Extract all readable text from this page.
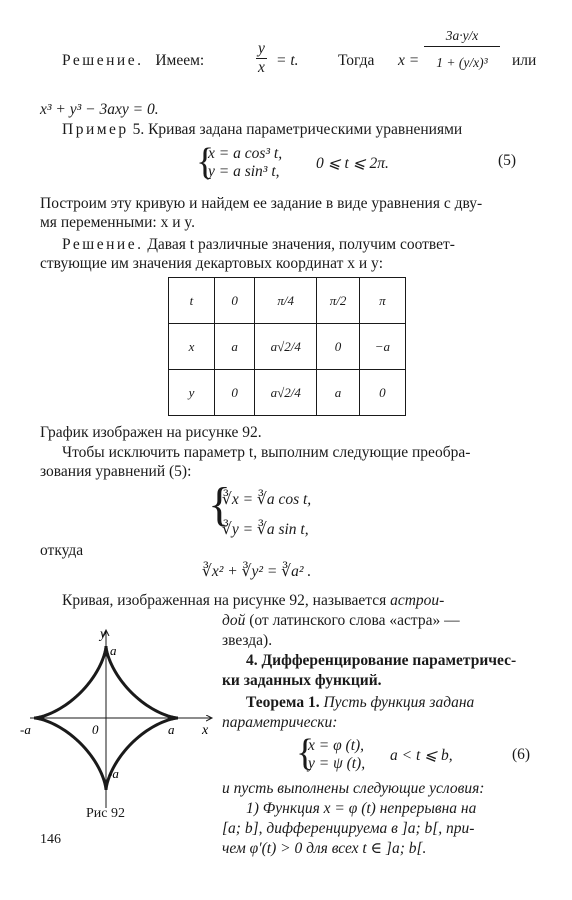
Решение. Имеем:	$\frac{y}{x} = t$.	Тогда $x = \frac{3a\cdot y/x}{\text{1 + (y/x)³}}$ или
x³ + y³ − 3axy = 0.
Пример 5. Кривая задана параметрическими уравнениями
{
x = a cos³ t,
y = a sin³ t, 0 ⩽ t ⩽ 2π.	(5)
Построим эту кривую и найдем ее задание в виде уравнения с дву-
мя переменными: x и y.
Решение. Давая t различные значения, получим соответ-
ствующие им значения декартовых координат x и y:
t	0	π/4	π/2	π
x	a	a√2/4	0	−a
y	0	a√2/4	a	0
График изображен на рисунке 92.
Чтобы исключить параметр t, выполним следующие преобра-
зования уравнений (5):
{
∛x = ∛a cos t,
∛y = ∛a sin t,
откуда
∛x² + ∛y² = ∛a² .
Кривая, изображенная на рисунке 92, называется астрои-
дой (от латинского слова «астра» —
звезда).
4. Дифференцирование параметричес-
ки заданных функций.
Теорема 1. Пусть функция задана
параметрически:
{
x = φ (t),
y = ψ (t), a < t ⩽ b,	(6)
и пусть выполнены следующие условия:
1) Функция x = φ (t) непрерывна на
[a; b], дифференцируема в ]a; b[, при-
чем φ′(t) > 0 для всех t ∈ ]a; b[.
y
x
a
-a
-a	a
0
Рис 92
146
